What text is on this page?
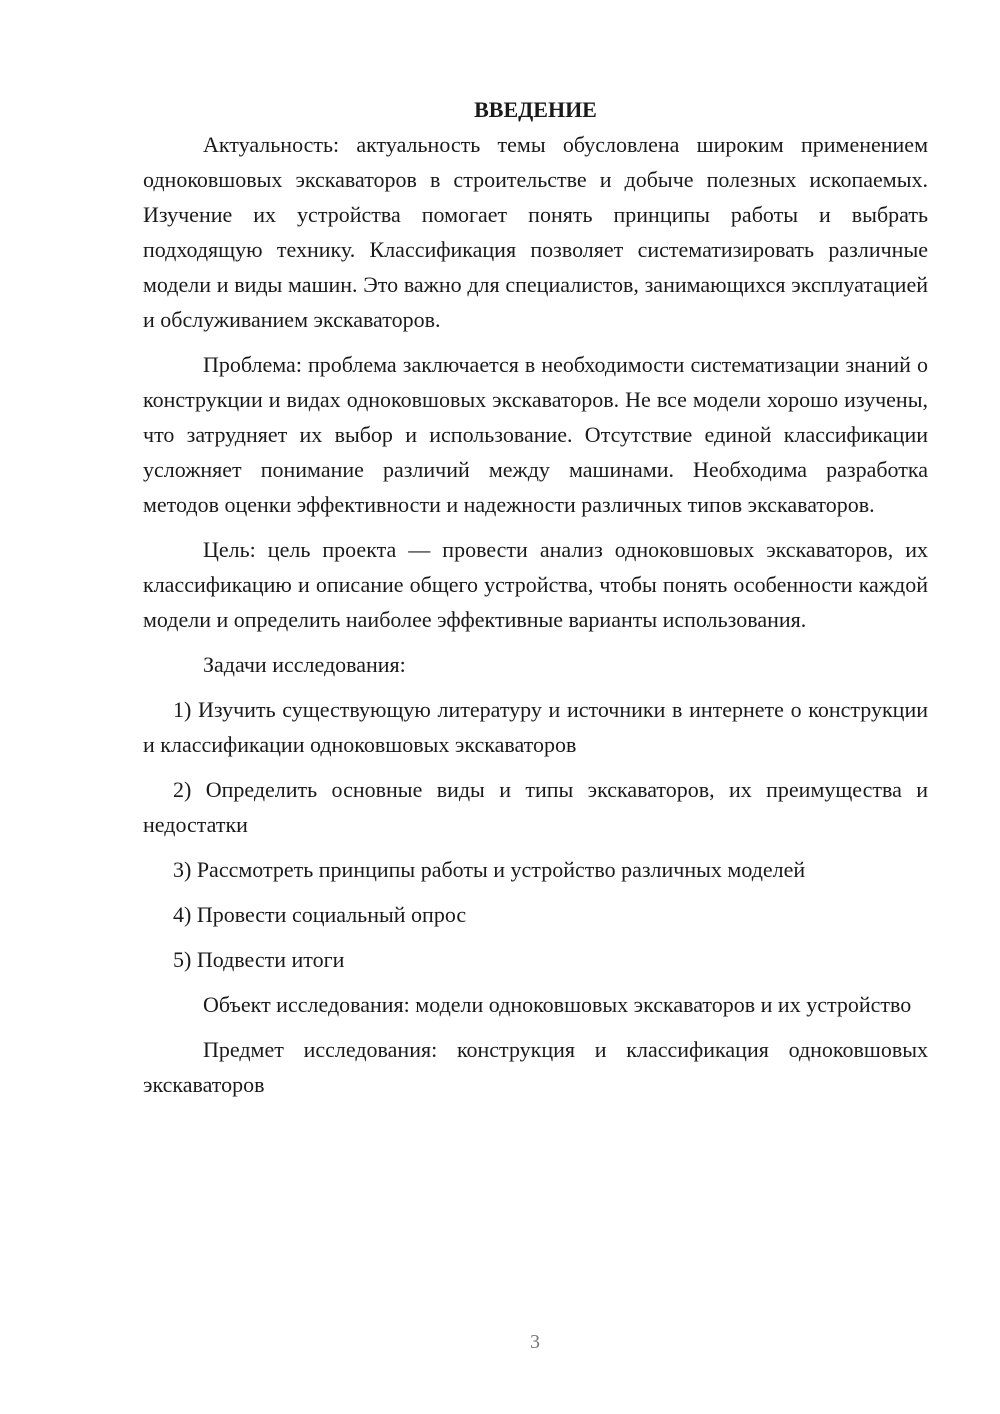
ВВЕДЕНИЕ

Актуальность: актуальность темы обусловлена широким применением одноковшовых экскаваторов в строительстве и добыче полезных ископаемых. Изучение их устройства помогает понять принципы работы и выбрать подходящую технику. Классификация позволяет систематизировать различные модели и виды машин. Это важно для специалистов, занимающихся эксплуатацией и обслуживанием экскаваторов.

Проблема: проблема заключается в необходимости систематизации знаний о конструкции и видах одноковшовых экскаваторов. Не все модели хорошо изучены, что затрудняет их выбор и использование. Отсутствие единой классификации усложняет понимание различий между машинами. Необходима разработка методов оценки эффективности и надежности различных типов экскаваторов.

Цель: цель проекта — провести анализ одноковшовых экскаваторов, их классификацию и описание общего устройства, чтобы понять особенности каждой модели и определить наиболее эффективные варианты использования.

Задачи исследования:

1) Изучить существующую литературу и источники в интернете о конструкции и классификации одноковшовых экскаваторов

2) Определить основные виды и типы экскаваторов, их преимущества и недостатки

3) Рассмотреть принципы работы и устройство различных моделей

4) Провести социальный опрос

5) Подвести итоги

Объект исследования: модели одноковшовых экскаваторов и их устройство

Предмет исследования: конструкция и классификация одноковшовых экскаваторов

3
